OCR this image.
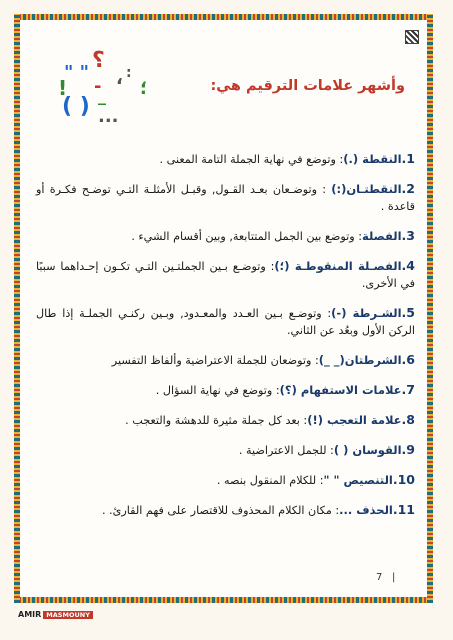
؟
" "
!	، :
-
_ ؛
( ) ...
وأشهر علامات الترقيم هي:
1.النقطة (.): وتوضع في نهاية الجملة التامة المعنى .
2.النقطتـان(:) : وتوضـعان بعـد القـول, وقبـل الأمثلـة التـي توضـح فكـرة أو قاعدة .
3.الفصلة: وتوضع بين الجمل المتتابعة, وبين أقسام الشيء .
4.الفصـلة المنقوطـة (؛): وتوضـع بـين الجملتـين التـي تكـون إحـداهما سببًا في الأخرى.
5.الشـرطة (-): وتوضـع بـين العـدد والمعـدود, وبـين ركنـي الجملـة إذا طال الركن الأول وبعُد عن الثاني.
6.الشرطتان(_ _): وتوضعان للجملة الاعتراضية وألفاظ التفسير
7.علامات الاستفهام (؟): وتوضع في نهاية السؤال .
8.علامة التعجب (!): بعد كل جملة مثيرة للدهشة والتعجب .
9.القوسان ( ): للجمل الاعتراضية .
10.التنصيص " ": للكلام المنقول بنصه .
11.الحذف ...: مكان الكلام المحذوف للاقتصار على فهم القارئ. .
7 |
AMIR MASMOUNY
